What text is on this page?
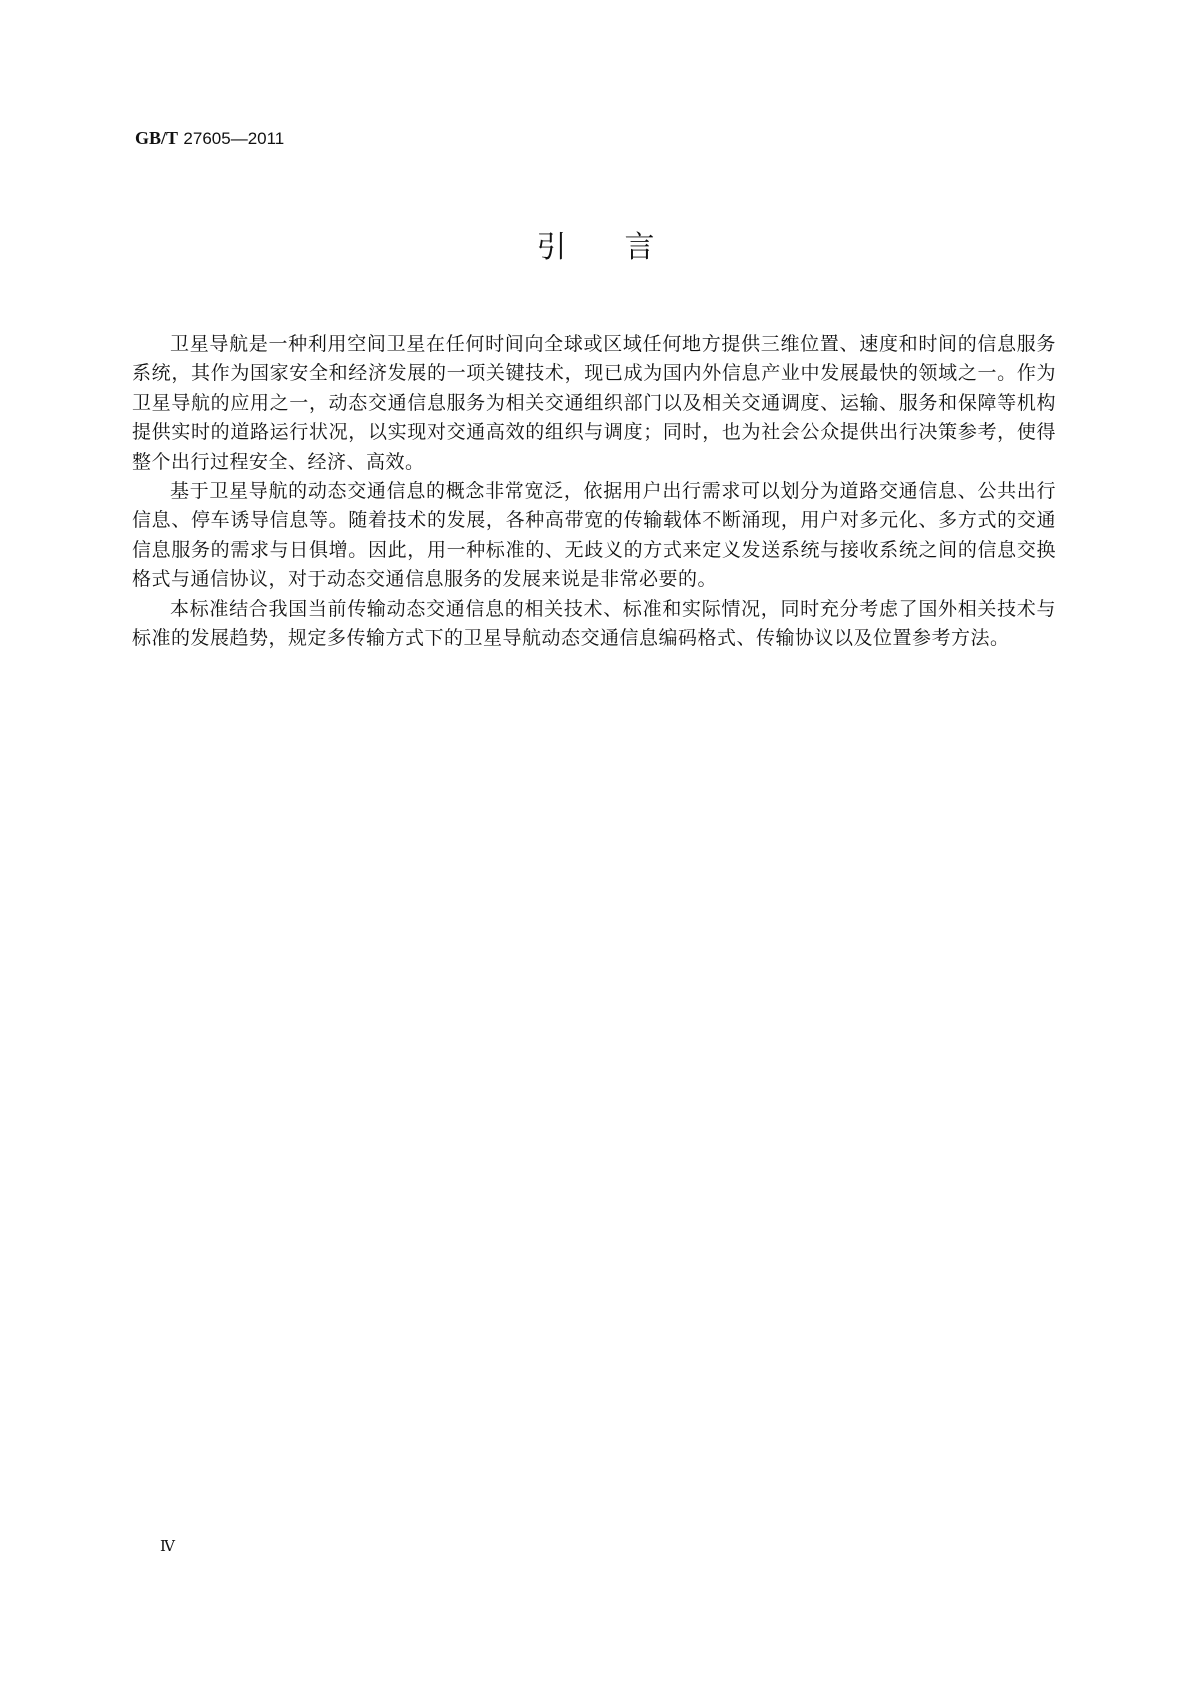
GB/T 27605—2011
引言

卫星导航是一种利用空间卫星在任何时间向全球或区域任何地方提供三维位置、速度和时间的信息服务系统，其作为国家安全和经济发展的一项关键技术，现已成为国内外信息产业中发展最快的领域之一。作为卫星导航的应用之一，动态交通信息服务为相关交通组织部门以及相关交通调度、运输、服务和保障等机构提供实时的道路运行状况，以实现对交通高效的组织与调度；同时，也为社会公众提供出行决策参考，使得整个出行过程安全、经济、高效。

基于卫星导航的动态交通信息的概念非常宽泛，依据用户出行需求可以划分为道路交通信息、公共出行信息、停车诱导信息等。随着技术的发展，各种高带宽的传输载体不断涌现，用户对多元化、多方式的交通信息服务的需求与日俱增。因此，用一种标准的、无歧义的方式来定义发送系统与接收系统之间的信息交换格式与通信协议，对于动态交通信息服务的发展来说是非常必要的。

本标准结合我国当前传输动态交通信息的相关技术、标准和实际情况，同时充分考虑了国外相关技术与标准的发展趋势，规定多传输方式下的卫星导航动态交通信息编码格式、传输协议以及位置参考方法。

Ⅳ
